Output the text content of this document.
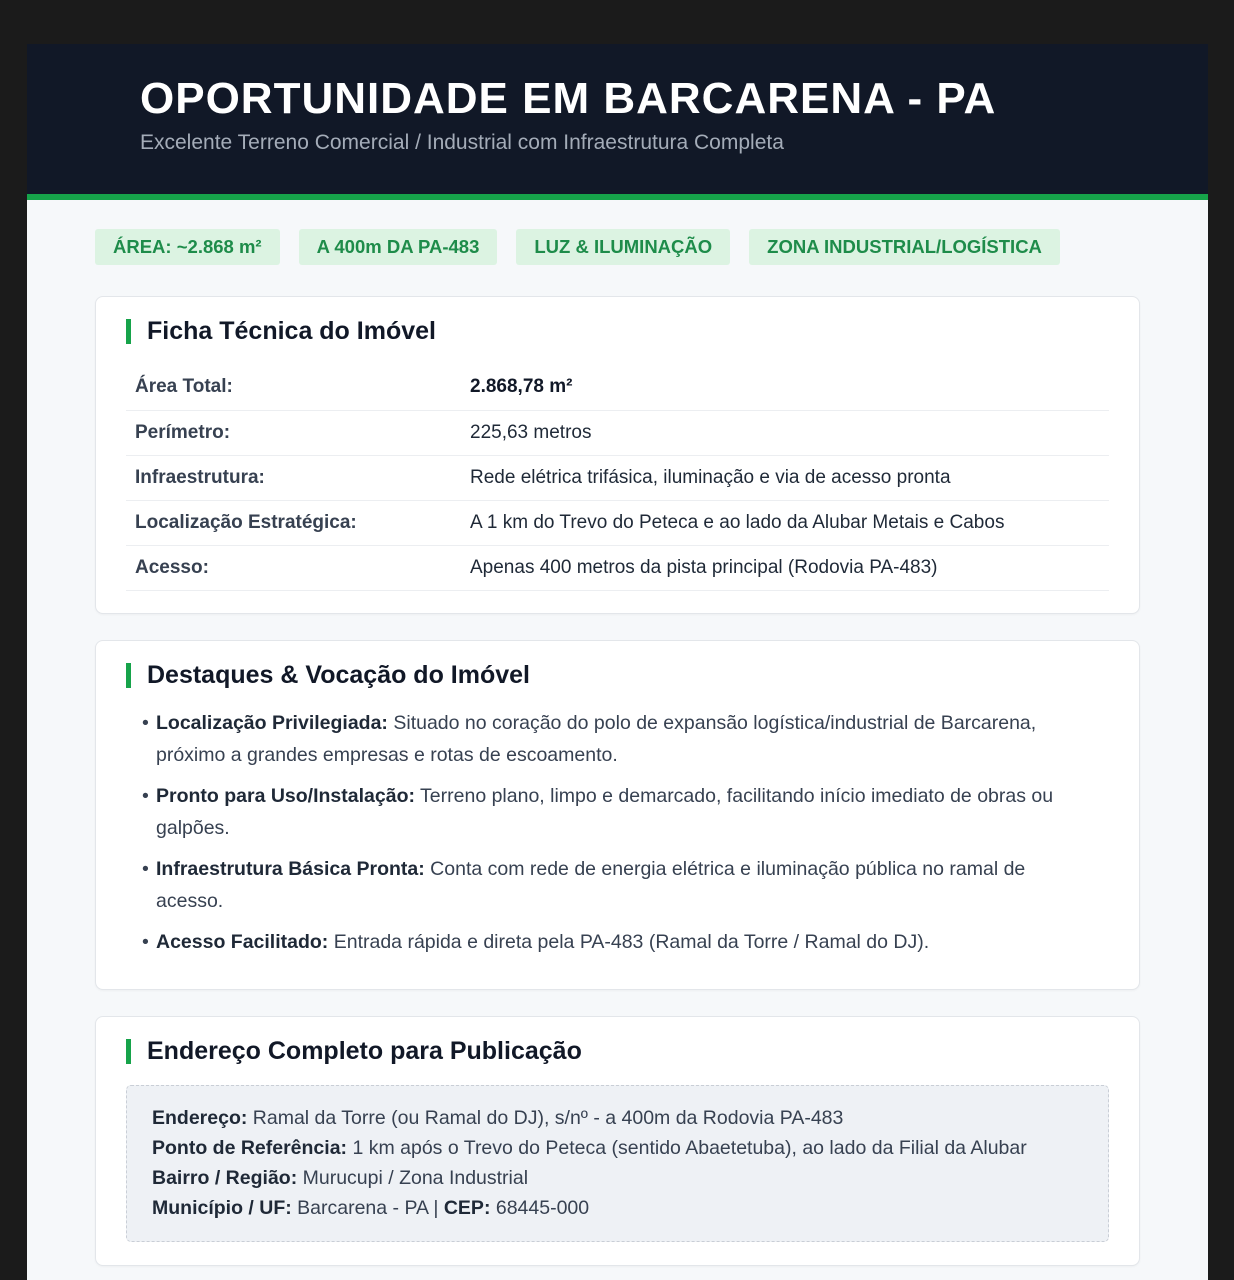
OPORTUNIDADE EM BARCARENA - PA
Excelente Terreno Comercial / Industrial com Infraestrutura Completa
ÁREA: ~2.868 m²	A 400m DA PA-483	LUZ & ILUMINAÇÃO	ZONA INDUSTRIAL/LOGÍSTICA
Ficha Técnica do Imóvel
Área Total:	2.868,78 m²
Perímetro:	225,63 metros
Infraestrutura:	Rede elétrica trifásica, iluminação e via de acesso pronta
Localização Estratégica:	A 1 km do Trevo do Peteca e ao lado da Alubar Metais e Cabos
Acesso:	Apenas 400 metros da pista principal (Rodovia PA-483)
Destaques & Vocação do Imóvel
• Localização Privilegiada: Situado no coração do polo de expansão logística/industrial de Barcarena, próximo a grandes empresas e rotas de escoamento.
• Pronto para Uso/Instalação: Terreno plano, limpo e demarcado, facilitando início imediato de obras ou galpões.
• Infraestrutura Básica Pronta: Conta com rede de energia elétrica e iluminação pública no ramal de acesso.
• Acesso Facilitado: Entrada rápida e direta pela PA-483 (Ramal da Torre / Ramal do DJ).
Endereço Completo para Publicação
Endereço: Ramal da Torre (ou Ramal do DJ), s/nº - a 400m da Rodovia PA-483
Ponto de Referência: 1 km após o Trevo do Peteca (sentido Abaetetuba), ao lado da Filial da Alubar
Bairro / Região: Murucupi / Zona Industrial
Município / UF: Barcarena - PA | CEP: 68445-000
